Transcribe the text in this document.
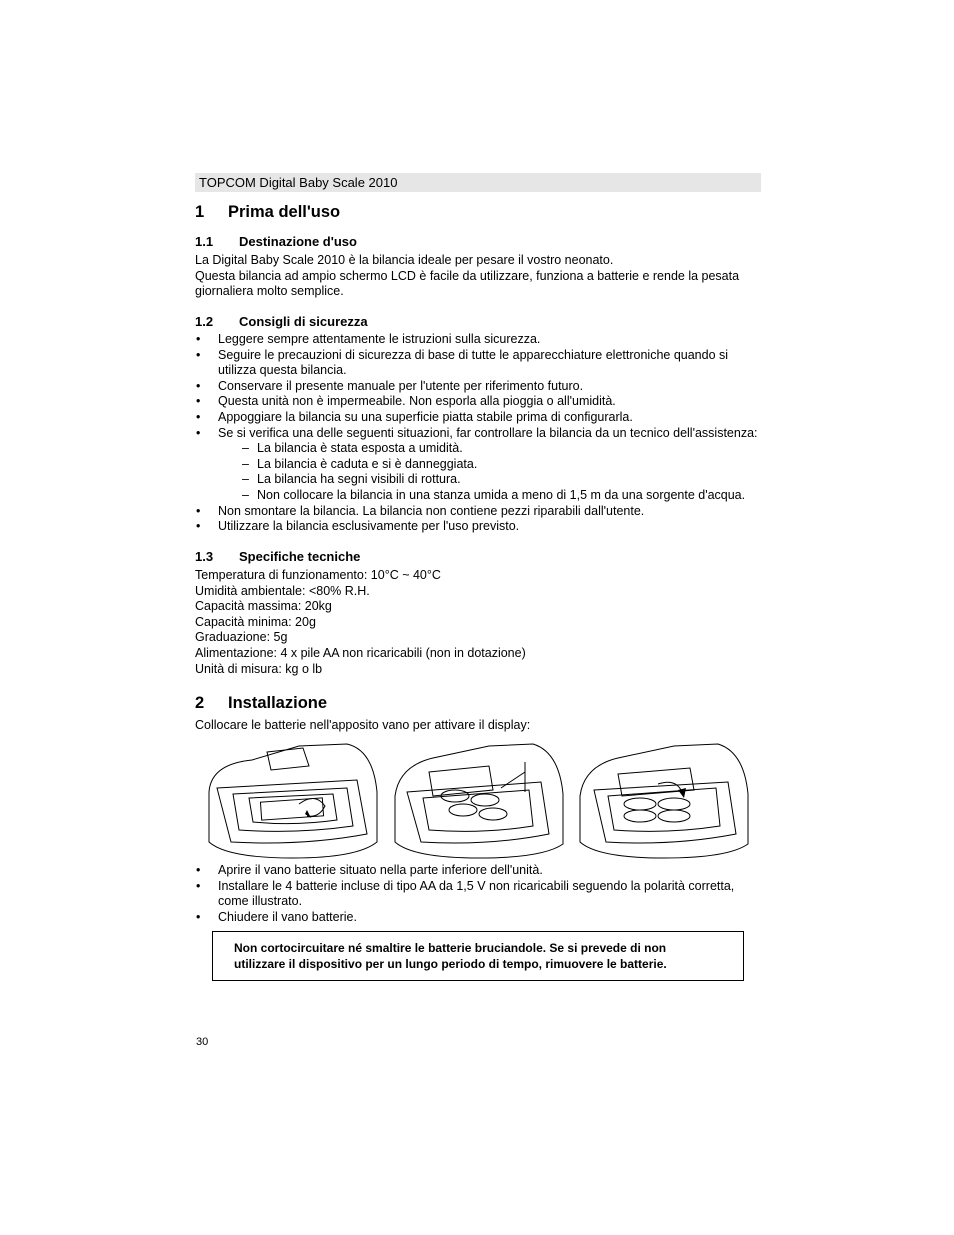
TOPCOM Digital Baby Scale 2010
1 Prima dell'uso
1.1 Destinazione d'uso
La Digital Baby Scale 2010 è la bilancia ideale per pesare il vostro neonato.
Questa bilancia ad ampio schermo LCD è facile da utilizzare, funziona a batterie e rende la pesata
giornaliera molto semplice.
1.2 Consigli di sicurezza
• Leggere sempre attentamente le istruzioni sulla sicurezza.
• Seguire le precauzioni di sicurezza di base di tutte le apparecchiature elettroniche quando si
utilizza questa bilancia.
• Conservare il presente manuale per l'utente per riferimento futuro.
• Questa unità non è impermeabile. Non esporla alla pioggia o all'umidità.
• Appoggiare la bilancia su una superficie piatta stabile prima di configurarla.
• Se si verifica una delle seguenti situazioni, far controllare la bilancia da un tecnico dell'assistenza:
– La bilancia è stata esposta a umidità.
– La bilancia è caduta e si è danneggiata.
– La bilancia ha segni visibili di rottura.
– Non collocare la bilancia in una stanza umida a meno di 1,5 m da una sorgente d'acqua.
• Non smontare la bilancia. La bilancia non contiene pezzi riparabili dall'utente.
• Utilizzare la bilancia esclusivamente per l'uso previsto.
1.3 Specifiche tecniche
Temperatura di funzionamento: 10°C ~ 40°C
Umidità ambientale: <80% R.H.
Capacità massima: 20kg
Capacità minima: 20g
Graduazione: 5g
Alimentazione: 4 x pile AA non ricaricabili (non in dotazione)
Unità di misura: kg o lb
2 Installazione
Collocare le batterie nell'apposito vano per attivare il display:
• Aprire il vano batterie situato nella parte inferiore dell'unità.
• Installare le 4 batterie incluse di tipo AA da 1,5 V non ricaricabili seguendo la polarità corretta,
come illustrato.
• Chiudere il vano batterie.
Non cortocircuitare né smaltire le batterie bruciandole. Se si prevede di non utilizzare il dispositivo per un lungo periodo di tempo, rimuovere le batterie.
30
